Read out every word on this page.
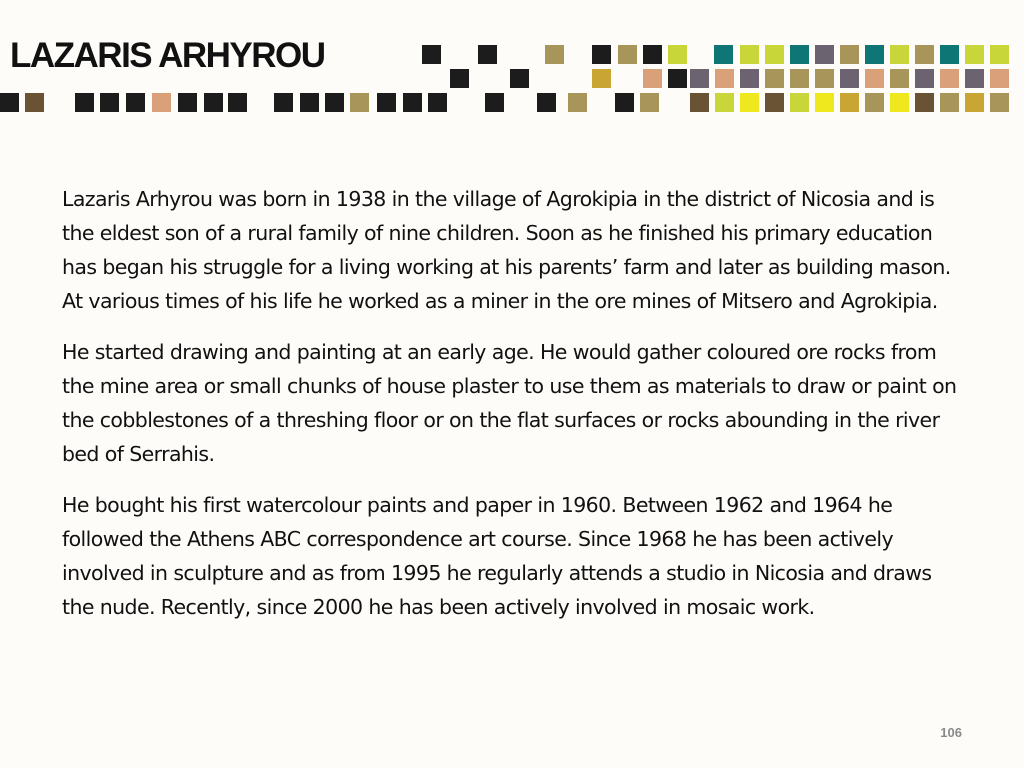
LAZARIS ARHYROU

Lazaris Arhyrou was born in 1938 in the village of Agrokipia in the district of Nicosia and is the eldest son of a rural family of nine children. Soon as he finished his primary education has began his struggle for a living working at his parents’ farm and later as building mason. At various times of his life he worked as a miner in the ore mines of Mitsero and Agrokipia.

He started drawing and painting at an early age. He would gather coloured ore rocks from the mine area or small chunks of house plaster to use them as materials to draw or paint on the cobblestones of a threshing floor or on the flat surfaces or rocks abounding in the river bed of Serrahis.

He bought his first watercolour paints and paper in 1960. Between 1962 and 1964 he followed the Athens ABC correspondence art course. Since 1968 he has been actively involved in sculpture and as from 1995 he regularly attends a studio in Nicosia and draws the nude. Recently, since 2000 he has been actively involved in mosaic work.

106
